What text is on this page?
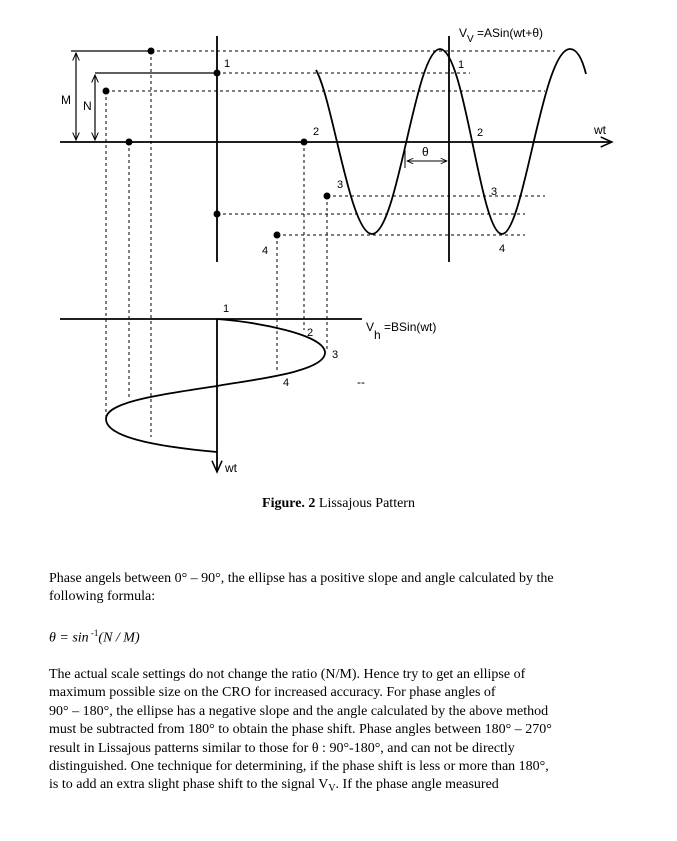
$V_V$ =ASin(wt+θ)
Vh =BSin(wt)
wt
wt
M N
θ
--
1	1
2	2
3
3
4	4
1
2
3
4
Figure. 2 Lissajous Pattern
Phase angels between 0° – 90°, the ellipse has a positive slope and angle calculated by the
following formula:
θ = sin $^{-1}$(N / M)
The actual scale settings do not change the ratio (N/M). Hence try to get an ellipse of
maximum possible size on the CRO for increased accuracy. For phase angles of
90° – 180°, the ellipse has a negative slope and the angle calculated by the above method
must be subtracted from 180° to obtain the phase shift. Phase angles between 180° – 270°
result in Lissajous patterns similar to those for θ : 90°-180°, and can not be directly
distinguished. One technique for determining, if the phase shift is less or more than 180°,
is to add an extra slight phase shift to the signal $V_V$. If the phase angle measured
